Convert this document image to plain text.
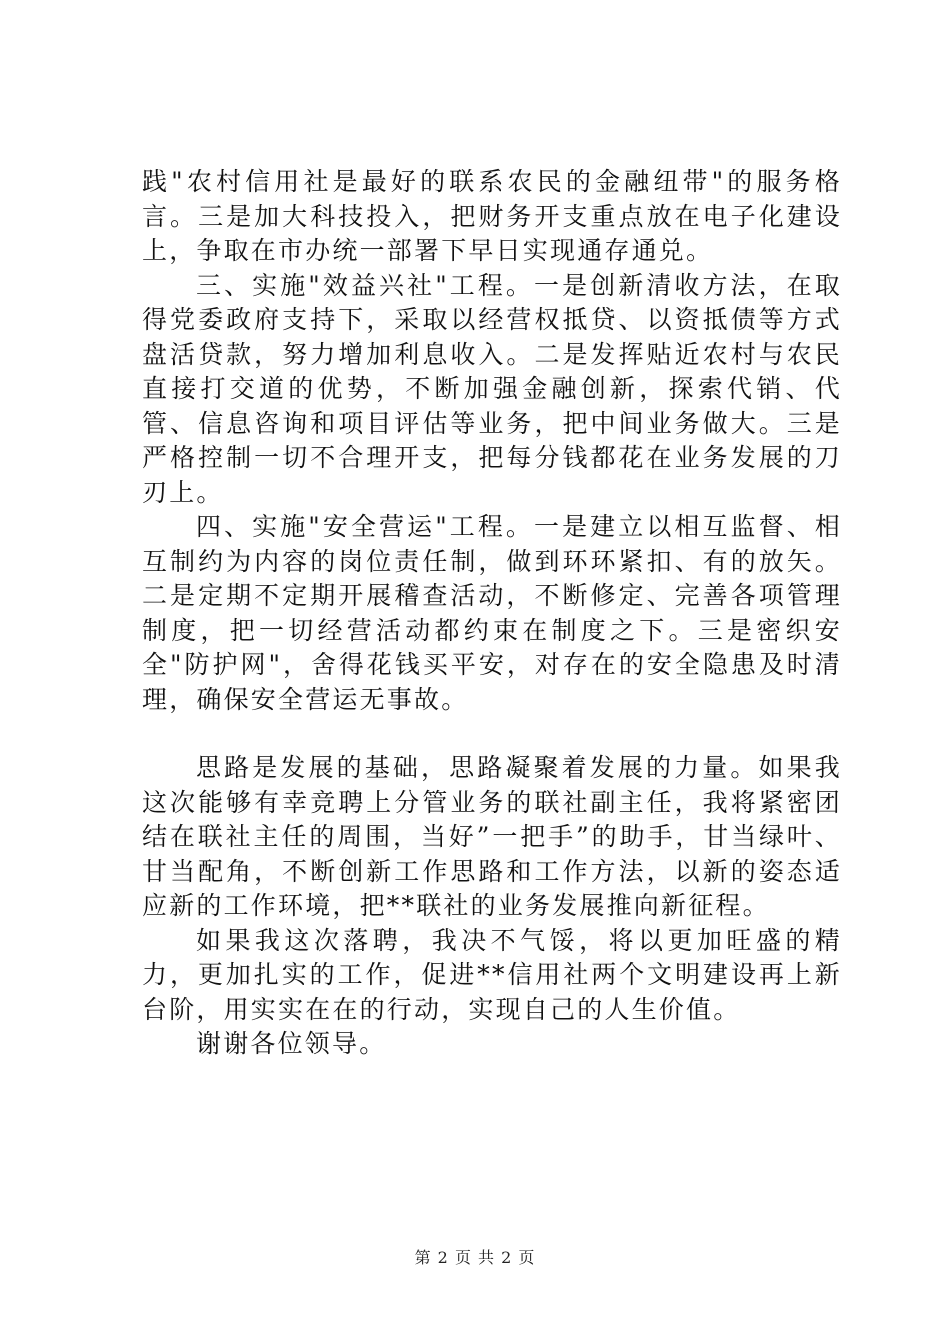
践"农村信用社是最好的联系农民的金融纽带"的服务格言。三是加大科技投入，把财务开支重点放在电子化建设上，争取在市办统一部署下早日实现通存通兑。

三、实施"效益兴社"工程。一是创新清收方法，在取得党委政府支持下，采取以经营权抵贷、以资抵债等方式盘活贷款，努力增加利息收入。二是发挥贴近农村与农民直接打交道的优势，不断加强金融创新，探索代销、代管、信息咨询和项目评估等业务，把中间业务做大。三是严格控制一切不合理开支，把每分钱都花在业务发展的刀刃上。

四、实施"安全营运"工程。一是建立以相互监督、相互制约为内容的岗位责任制，做到环环紧扣、有的放矢。二是定期不定期开展稽查活动，不断修定、完善各项管理制度，把一切经营活动都约束在制度之下。三是密织安全"防护网"，舍得花钱买平安，对存在的安全隐患及时清理，确保安全营运无事故。

思路是发展的基础，思路凝聚着发展的力量。如果我这次能够有幸竞聘上分管业务的联社副主任，我将紧密团结在联社主任的周围，当好”一把手”的助手，甘当绿叶、甘当配角，不断创新工作思路和工作方法，以新的姿态适应新的工作环境，把**联社的业务发展推向新征程。

如果我这次落聘，我决不气馁，将以更加旺盛的精力，更加扎实的工作，促进**信用社两个文明建设再上新台阶，用实实在在的行动，实现自己的人生价值。

谢谢各位领导。

第 2 页 共 2 页
